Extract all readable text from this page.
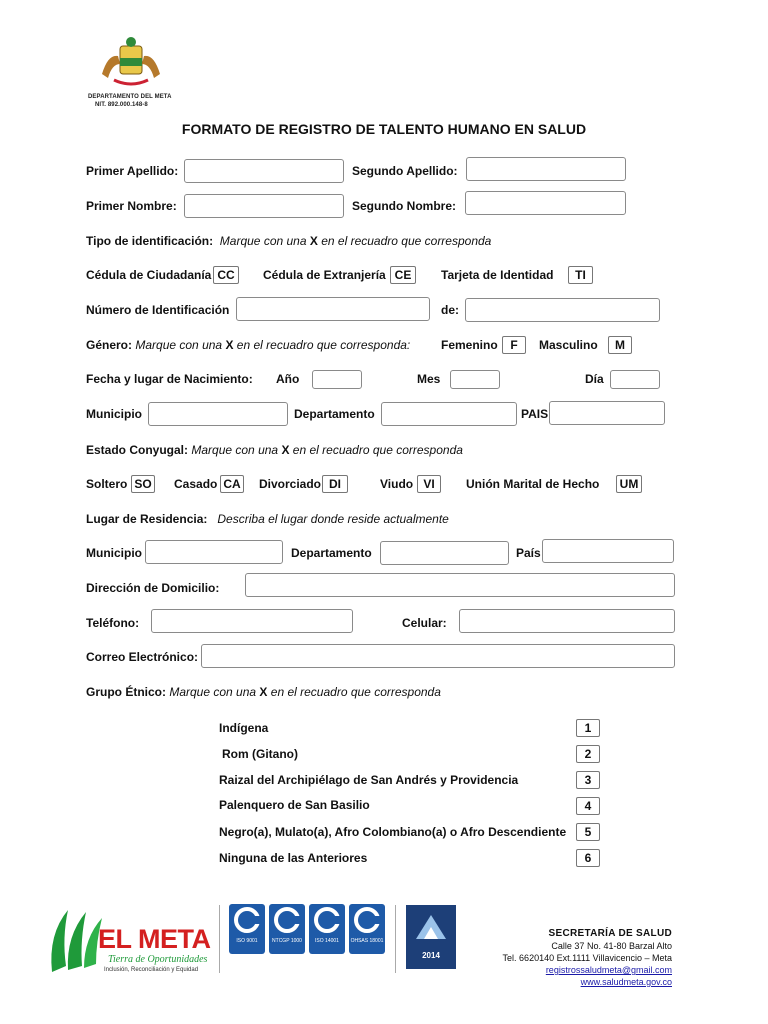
DEPARTAMENTO DEL META
NIT. 892.000.148-8
FORMATO DE REGISTRO DE TALENTO HUMANO EN SALUD
Primer Apellido:	Segundo Apellido:
Primer Nombre:	Segundo Nombre:
Tipo de identificación: Marque con una X en el recuadro que corresponda
Cédula de Ciudadanía CC	Cédula de Extranjería CE	Tarjeta de Identidad	TI
Número de Identificación	de:
Género: Marque con una X en el recuadro que corresponda:	Femenino	F	Masculino	M
Fecha y lugar de Nacimiento: Año	Mes	Día
Municipio	Departamento	PAIS
Estado Conyugal: Marque con una X en el recuadro que corresponda
Soltero SO Casado CA Divorciado DI	Viudo VI	Unión Marital de Hecho	UM
Lugar de Residencia: Describa el lugar donde reside actualmente
Municipio	Departamento	País
Dirección de Domicilio:
Teléfono:	Celular:
Correo Electrónico:
Grupo Étnico: Marque con una X en el recuadro que corresponda
Indígena	1
Rom (Gitano)	2
Raizal del Archipiélago de San Andrés y Providencia	3
Palenquero de San Basilio	4
Negro(a), Mulato(a), Afro Colombiano(a) o Afro Descendiente	5
Ninguna de las Anteriores	6
EL META
Tierra de Oportunidades
Inclusión, Reconciliación y Equidad
ISO 9001	NTCGP 1000	ISO 14001	OHSAS 18001
2014
SECRETARÍA DE SALUD
Calle 37 No. 41-80 Barzal Alto
Tel. 6620140 Ext.1111 Villavicencio – Meta
registrossaludmeta@gmail.com
www.saludmeta.gov.co
